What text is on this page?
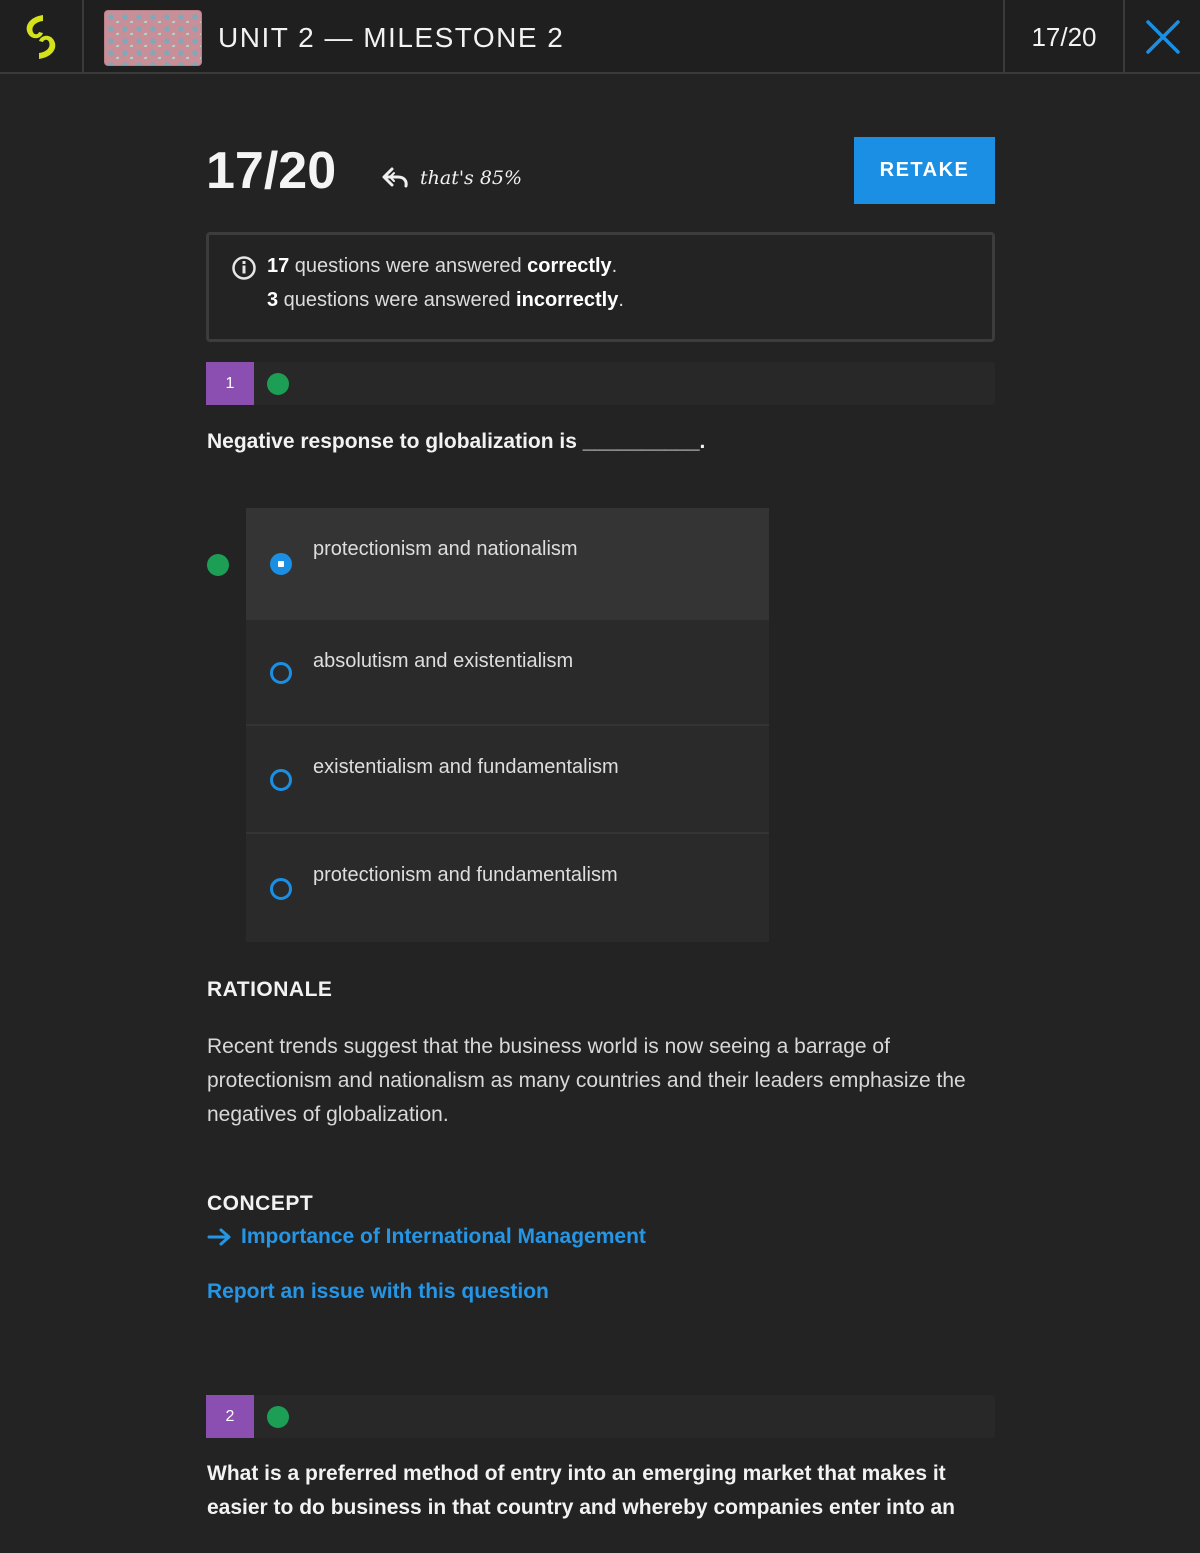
UNIT 2 — MILESTONE 2	17/20
17/20	that's 85%	RETAKE
17 questions were answered correctly.
3 questions were answered incorrectly.
1
Negative response to globalization is __________.
protectionism and nationalism
absolutism and existentialism
existentialism and fundamentalism
protectionism and fundamentalism
RATIONALE
Recent trends suggest that the business world is now seeing a barrage of protectionism and nationalism as many countries and their leaders emphasize the negatives of globalization.
CONCEPT
Importance of International Management
Report an issue with this question
2
What is a preferred method of entry into an emerging market that makes it
easier to do business in that country and whereby companies enter into an
